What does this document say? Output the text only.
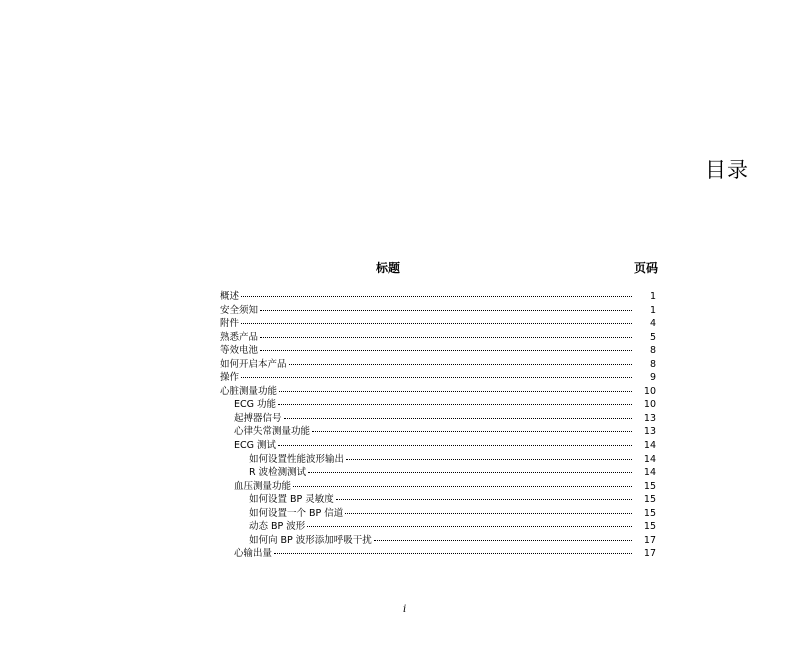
目录
标题	页码
概述	1
安全须知	1
附件	4
熟悉产品	5
等效电池	8
如何开启本产品	8
操作	9
心脏测量功能	10
ECG 功能	10
起搏器信号	13
心律失常测量功能	13
ECG 测试	14
如何设置性能波形输出	14
R 波检测测试	14
血压测量功能	15
如何设置 BP 灵敏度	15
如何设置一个 BP 信道	15
动态 BP 波形	15
如何向 BP 波形添加呼吸干扰	17
心输出量	17
i
